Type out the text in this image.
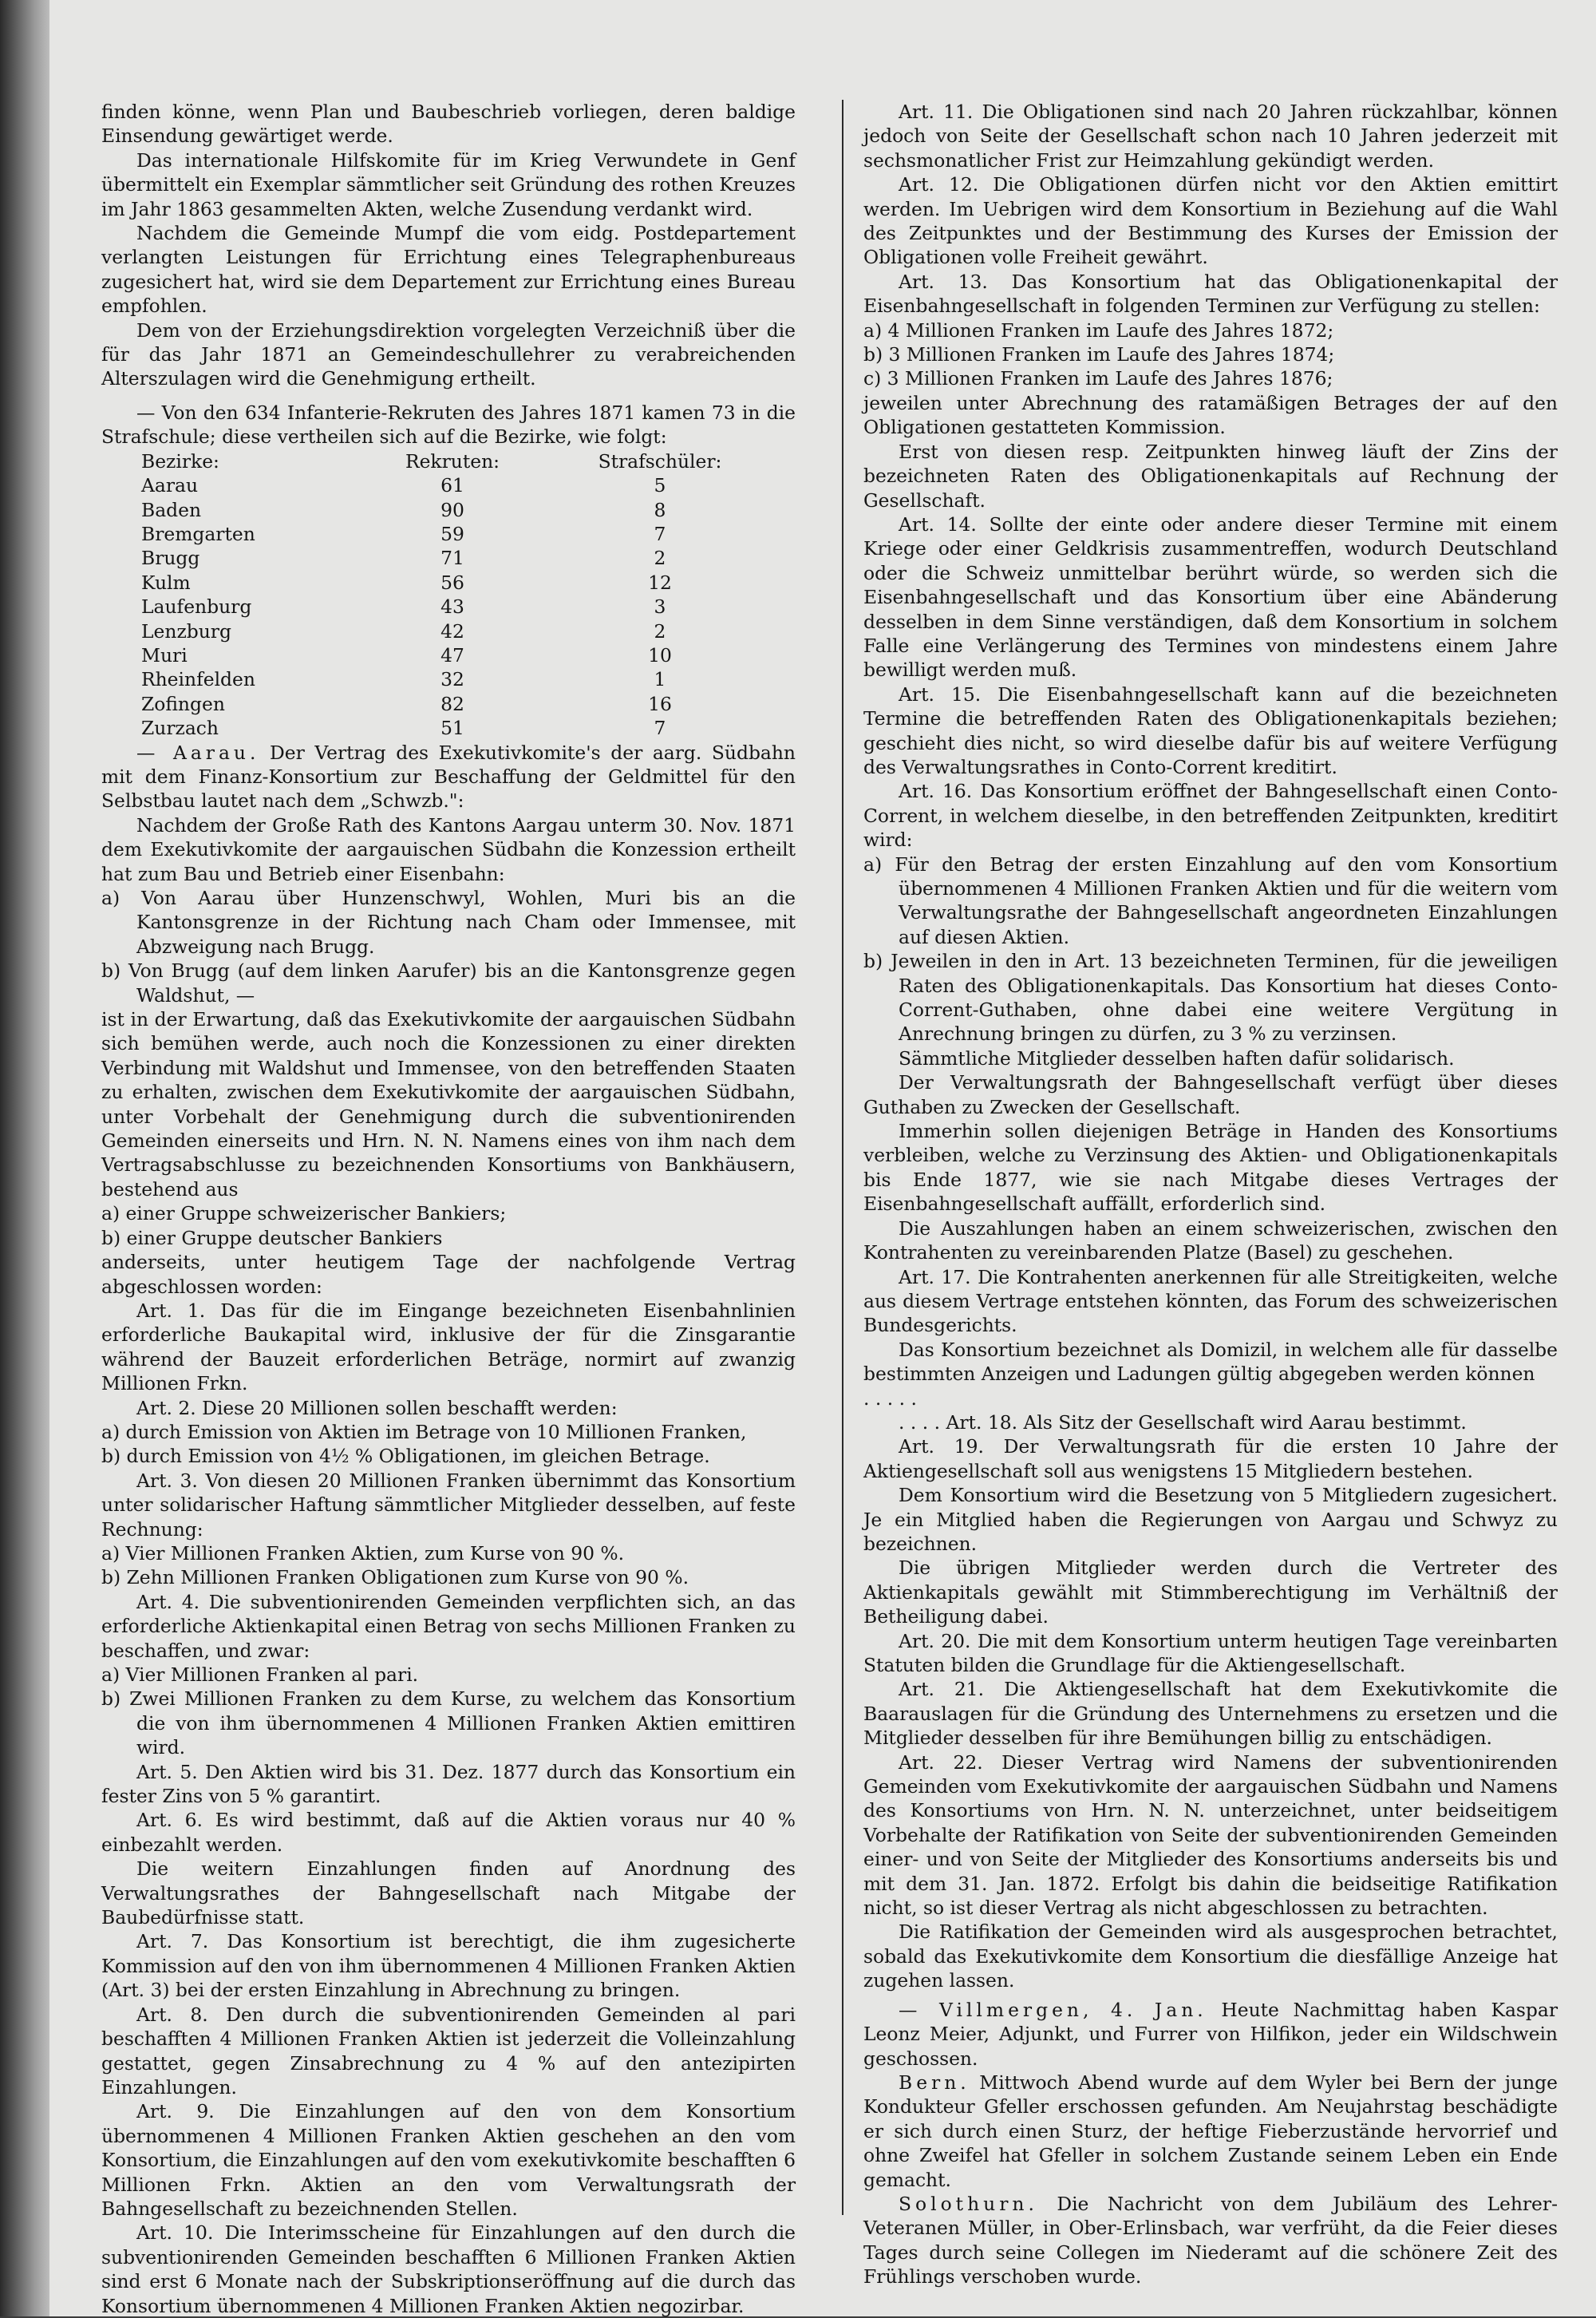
finden könne, wenn Plan und Baubeschrieb vorliegen, deren baldige Einsendung gewärtiget werde.

Das internationale Hilfskomite für im Krieg Verwundete in Genf übermittelt ein Exemplar sämmtlicher seit Gründung des rothen Kreuzes im Jahr 1863 gesammelten Akten, welche Zusendung verdankt wird.

Nachdem die Gemeinde Mumpf die vom eidg. Postdepartement verlangten Leistungen für Errichtung eines Telegraphenbureaus zugesichert hat, wird sie dem Departement zur Errichtung eines Bureau empfohlen.

Dem von der Erziehungsdirektion vorgelegten Verzeichniß über die für das Jahr 1871 an Gemeindeschullehrer zu verabreichenden Alterszulagen wird die Genehmigung ertheilt.

— Von den 634 Infanterie-Rekruten des Jahres 1871 kamen 73 in die Strafschule; diese vertheilen sich auf die Bezirke, wie folgt:

Bezirke:	Rekruten:	Strafschüler:
Aarau	61	5
Baden	90	8
Bremgarten	59	7
Brugg	71	2
Kulm	56	12
Laufenburg	43	3
Lenzburg	42	2
Muri	47	10
Rheinfelden	32	1
Zofingen	82	16
Zurzach	51	7

— Aarau. Der Vertrag des Exekutivkomite's der aarg. Südbahn mit dem Finanz-Konsortium zur Beschaffung der Geldmittel für den Selbstbau lautet nach dem „Schwzb.":

Nachdem der Große Rath des Kantons Aargau unterm 30. Nov. 1871 dem Exekutivkomite der aargauischen Südbahn die Konzession ertheilt hat zum Bau und Betrieb einer Eisenbahn:

a) Von Aarau über Hunzenschwyl, Wohlen, Muri bis an die Kantonsgrenze in der Richtung nach Cham oder Immensee, mit Abzweigung nach Brugg.

b) Von Brugg (auf dem linken Aarufer) bis an die Kantonsgrenze gegen Waldshut, —

ist in der Erwartung, daß das Exekutivkomite der aargauischen Südbahn sich bemühen werde, auch noch die Konzessionen zu einer direkten Verbindung mit Waldshut und Immensee, von den betreffenden Staaten zu erhalten, zwischen dem Exekutivkomite der aargauischen Südbahn, unter Vorbehalt der Genehmigung durch die subventionirenden Gemeinden einerseits und Hrn. N. N. Namens eines von ihm nach dem Vertragsabschlusse zu bezeichnenden Konsortiums von Bankhäusern, bestehend aus

a) einer Gruppe schweizerischer Bankiers;

b) einer Gruppe deutscher Bankiers

anderseits, unter heutigem Tage der nachfolgende Vertrag abgeschlossen worden:

Art. 1. Das für die im Eingange bezeichneten Eisenbahnlinien erforderliche Baukapital wird, inklusive der für die Zinsgarantie während der Bauzeit erforderlichen Beträge, normirt auf zwanzig Millionen Frkn.

Art. 2. Diese 20 Millionen sollen beschafft werden:

a) durch Emission von Aktien im Betrage von 10 Millionen Franken,

b) durch Emission von 4½ % Obligationen, im gleichen Betrage.

Art. 3. Von diesen 20 Millionen Franken übernimmt das Konsortium unter solidarischer Haftung sämmtlicher Mitglieder desselben, auf feste Rechnung:

a) Vier Millionen Franken Aktien, zum Kurse von 90 %.

b) Zehn Millionen Franken Obligationen zum Kurse von 90 %.

Art. 4. Die subventionirenden Gemeinden verpflichten sich, an das erforderliche Aktienkapital einen Betrag von sechs Millionen Franken zu beschaffen, und zwar:

a) Vier Millionen Franken al pari.

b) Zwei Millionen Franken zu dem Kurse, zu welchem das Konsortium die von ihm übernommenen 4 Millionen Franken Aktien emittiren wird.

Art. 5. Den Aktien wird bis 31. Dez. 1877 durch das Konsortium ein fester Zins von 5 % garantirt.

Art. 6. Es wird bestimmt, daß auf die Aktien voraus nur 40 % einbezahlt werden.

Die weitern Einzahlungen finden auf Anordnung des Verwaltungsrathes der Bahngesellschaft nach Mitgabe der Baubedürfnisse statt.

Art. 7. Das Konsortium ist berechtigt, die ihm zugesicherte Kommission auf den von ihm übernommenen 4 Millionen Franken Aktien (Art. 3) bei der ersten Einzahlung in Abrechnung zu bringen.

Art. 8. Den durch die subventionirenden Gemeinden al pari beschafften 4 Millionen Franken Aktien ist jederzeit die Volleinzahlung gestattet, gegen Zinsabrechnung zu 4 % auf den antezipirten Einzahlungen.

Art. 9. Die Einzahlungen auf den von dem Konsortium übernommenen 4 Millionen Franken Aktien geschehen an den vom Konsortium, die Einzahlungen auf den vom exekutivkomite beschafften 6 Millionen Frkn. Aktien an den vom Verwaltungsrath der Bahngesellschaft zu bezeichnenden Stellen.

Art. 10. Die Interimsscheine für Einzahlungen auf den durch die subventionirenden Gemeinden beschafften 6 Millionen Franken Aktien sind erst 6 Monate nach der Subskriptionseröffnung auf die durch das Konsortium übernommenen 4 Millionen Franken Aktien negozirbar.

Art. 11. Die Obligationen sind nach 20 Jahren rückzahlbar, können jedoch von Seite der Gesellschaft schon nach 10 Jahren jederzeit mit sechsmonatlicher Frist zur Heimzahlung gekündigt werden.

Art. 12. Die Obligationen dürfen nicht vor den Aktien emittirt werden. Im Uebrigen wird dem Konsortium in Beziehung auf die Wahl des Zeitpunktes und der Bestimmung des Kurses der Emission der Obligationen volle Freiheit gewährt.

Art. 13. Das Konsortium hat das Obligationenkapital der Eisenbahngesellschaft in folgenden Terminen zur Verfügung zu stellen:

a) 4 Millionen Franken im Laufe des Jahres 1872;

b) 3 Millionen Franken im Laufe des Jahres 1874;

c) 3 Millionen Franken im Laufe des Jahres 1876;

jeweilen unter Abrechnung des ratamäßigen Betrages der auf den Obligationen gestatteten Kommission.

Erst von diesen resp. Zeitpunkten hinweg läuft der Zins der bezeichneten Raten des Obligationenkapitals auf Rechnung der Gesellschaft.

Art. 14. Sollte der einte oder andere dieser Termine mit einem Kriege oder einer Geldkrisis zusammentreffen, wodurch Deutschland oder die Schweiz unmittelbar berührt würde, so werden sich die Eisenbahngesellschaft und das Konsortium über eine Abänderung desselben in dem Sinne verständigen, daß dem Konsortium in solchem Falle eine Verlängerung des Termines von mindestens einem Jahre bewilligt werden muß.

Art. 15. Die Eisenbahngesellschaft kann auf die bezeichneten Termine die betreffenden Raten des Obligationenkapitals beziehen; geschieht dies nicht, so wird dieselbe dafür bis auf weitere Verfügung des Verwaltungsrathes in Conto-Corrent kreditirt.

Art. 16. Das Konsortium eröffnet der Bahngesellschaft einen Conto-Corrent, in welchem dieselbe, in den betreffenden Zeitpunkten, kreditirt wird:

a) Für den Betrag der ersten Einzahlung auf den vom Konsortium übernommenen 4 Millionen Franken Aktien und für die weitern vom Verwaltungsrathe der Bahngesellschaft angeordneten Einzahlungen auf diesen Aktien.

b) Jeweilen in den in Art. 13 bezeichneten Terminen, für die jeweiligen Raten des Obligationenkapitals. Das Konsortium hat dieses Conto-Corrent-Guthaben, ohne dabei eine weitere Vergütung in Anrechnung bringen zu dürfen, zu 3 % zu verzinsen.

Sämmtliche Mitglieder desselben haften dafür solidarisch.

Der Verwaltungsrath der Bahngesellschaft verfügt über dieses Guthaben zu Zwecken der Gesellschaft.

Immerhin sollen diejenigen Beträge in Handen des Konsortiums verbleiben, welche zu Verzinsung des Aktien- und Obligationenkapitals bis Ende 1877, wie sie nach Mitgabe dieses Vertrages der Eisenbahngesellschaft auffällt, erforderlich sind.

Die Auszahlungen haben an einem schweizerischen, zwischen den Kontrahenten zu vereinbarenden Platze (Basel) zu geschehen.

Art. 17. Die Kontrahenten anerkennen für alle Streitigkeiten, welche aus diesem Vertrage entstehen könnten, das Forum des schweizerischen Bundesgerichts.

Das Konsortium bezeichnet als Domizil, in welchem alle für dasselbe bestimmten Anzeigen und Ladungen gültig abgegeben werden können

. . . . .

. . . . Art. 18. Als Sitz der Gesellschaft wird Aarau bestimmt.

Art. 19. Der Verwaltungsrath für die ersten 10 Jahre der Aktiengesellschaft soll aus wenigstens 15 Mitgliedern bestehen.

Dem Konsortium wird die Besetzung von 5 Mitgliedern zugesichert. Je ein Mitglied haben die Regierungen von Aargau und Schwyz zu bezeichnen.

Die übrigen Mitglieder werden durch die Vertreter des Aktienkapitals gewählt mit Stimmberechtigung im Verhältniß der Betheiligung dabei.

Art. 20. Die mit dem Konsortium unterm heutigen Tage vereinbarten Statuten bilden die Grundlage für die Aktiengesellschaft.

Art. 21. Die Aktiengesellschaft hat dem Exekutivkomite die Baarauslagen für die Gründung des Unternehmens zu ersetzen und die Mitglieder desselben für ihre Bemühungen billig zu entschädigen.

Art. 22. Dieser Vertrag wird Namens der subventionirenden Gemeinden vom Exekutivkomite der aargauischen Südbahn und Namens des Konsortiums von Hrn. N. N. unterzeichnet, unter beidseitigem Vorbehalte der Ratifikation von Seite der subventionirenden Gemeinden einer- und von Seite der Mitglieder des Konsortiums anderseits bis und mit dem 31. Jan. 1872. Erfolgt bis dahin die beidseitige Ratifikation nicht, so ist dieser Vertrag als nicht abgeschlossen zu betrachten.

Die Ratifikation der Gemeinden wird als ausgesprochen betrachtet, sobald das Exekutivkomite dem Konsortium die diesfällige Anzeige hat zugehen lassen.

— Villmergen, 4. Jan. Heute Nachmittag haben Kaspar Leonz Meier, Adjunkt, und Furrer von Hilfikon, jeder ein Wildschwein geschossen.

Bern. Mittwoch Abend wurde auf dem Wyler bei Bern der junge Kondukteur Gfeller erschossen gefunden. Am Neujahrstag beschädigte er sich durch einen Sturz, der heftige Fieberzustände hervorrief und ohne Zweifel hat Gfeller in solchem Zustande seinem Leben ein Ende gemacht.

Solothurn. Die Nachricht von dem Jubiläum des Lehrer-Veteranen Müller, in Ober-Erlinsbach, war verfrüht, da die Feier dieses Tages durch seine Collegen im Niederamt auf die schönere Zeit des Frühlings verschoben wurde.
